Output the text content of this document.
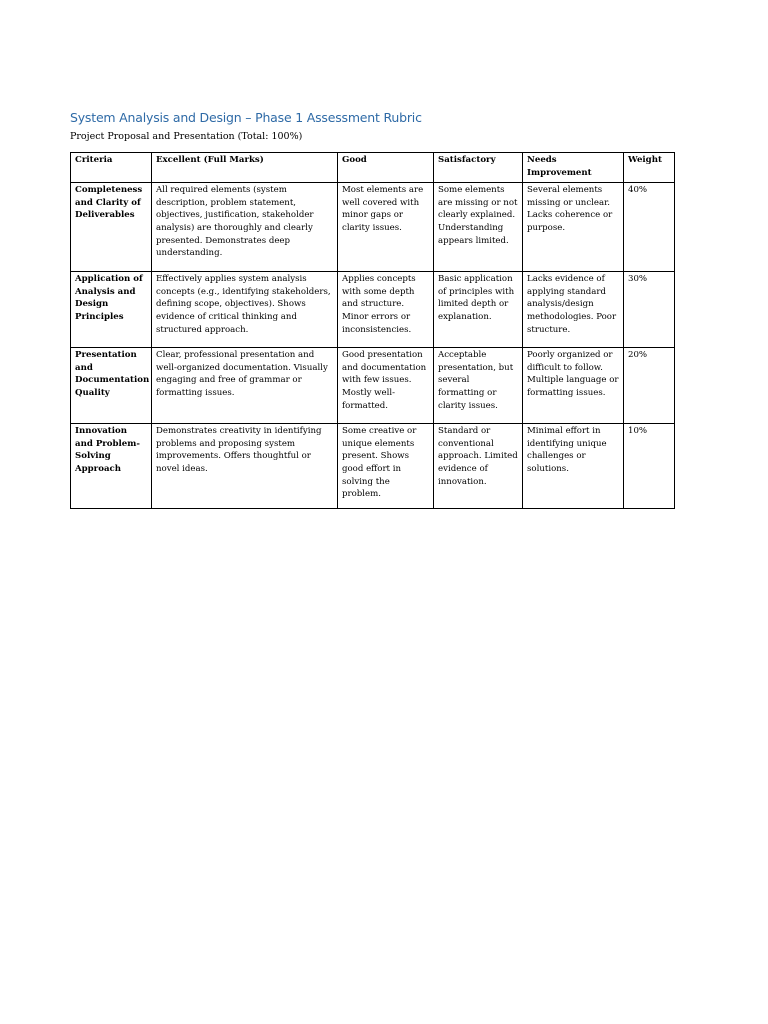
System Analysis and Design – Phase 1 Assessment Rubric
Project Proposal and Presentation (Total: 100%)
Criteria	Excellent (Full Marks)	Good	Satisfactory	Needs Improvement	Weight
Completeness and Clarity of Deliverables	All required elements (system description, problem statement, objectives, justification, stakeholder analysis) are thoroughly and clearly presented. Demonstrates deep understanding.	Most elements are well covered with minor gaps or clarity issues.	Some elements are missing or not clearly explained. Understanding appears limited.	Several elements missing or unclear. Lacks coherence or purpose.	40%
Application of Analysis and Design Principles	Effectively applies system analysis concepts (e.g., identifying stakeholders, defining scope, objectives). Shows evidence of critical thinking and structured approach.	Applies concepts with some depth and structure. Minor errors or inconsistencies.	Basic application of principles with limited depth or explanation.	Lacks evidence of applying standard analysis/design methodologies. Poor structure.	30%
Presentation and Documentation Quality	Clear, professional presentation and well-organized documentation. Visually engaging and free of grammar or formatting issues.	Good presentation and documentation with few issues. Mostly well-formatted.	Acceptable presentation, but several formatting or clarity issues.	Poorly organized or difficult to follow. Multiple language or formatting issues.	20%
Innovation and Problem-Solving Approach	Demonstrates creativity in identifying problems and proposing system improvements. Offers thoughtful or novel ideas.	Some creative or unique elements present. Shows good effort in solving the problem.	Standard or conventional approach. Limited evidence of innovation.	Minimal effort in identifying unique challenges or solutions.	10%
